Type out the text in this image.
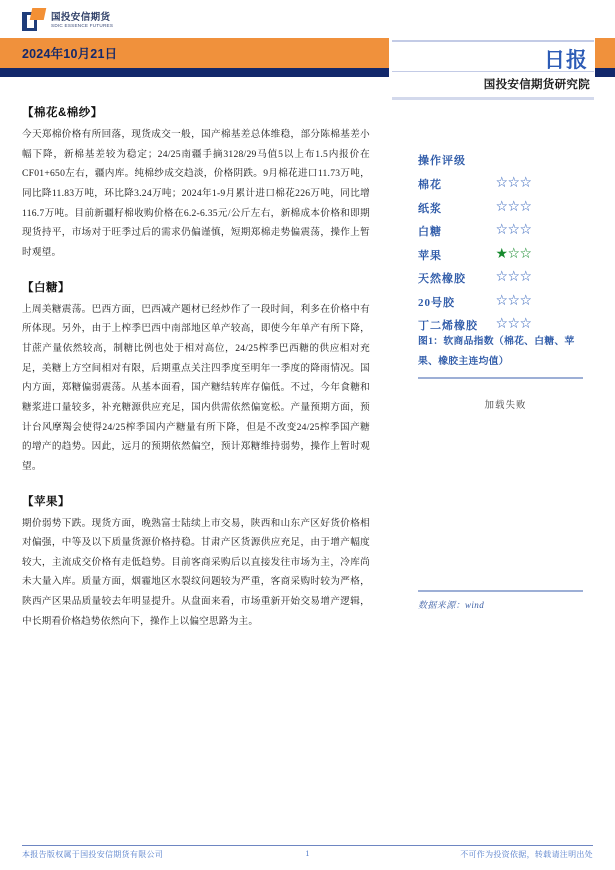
国投安信期货
SDIC ESSENCE FUTURES
2024年10月21日	日报
国投安信期货研究院
【棉花&棉纱】
今天郑棉价格有所回落，现货成交一般，国产棉基差总体维稳，部分陈棉基差小幅下降，新棉基差较为稳定；24/25南疆手摘3128/29马值5以上布1.5内报价在CF01+650左右，疆内库。纯棉纱成交趋淡，价格阴跌。9月棉花进口11.73万吨，同比降11.83万吨，环比降3.24万吨；2024年1-9月累计进口棉花226万吨，同比增116.7万吨。目前新疆籽棉收购价格在6.2-6.35元/公斤左右，新棉成本价格和即期现货持平，市场对于旺季过后的需求仍偏谨慎，短期郑棉走势偏震荡，操作上暂时观望。
【白糖】
上周美糖震荡。巴西方面，巴西减产题材已经炒作了一段时间，利多在价格中有所体现。另外，由于上榨季巴西中南部地区单产较高，即使今年单产有所下降，甘蔗产量依然较高，制糖比例也处于相对高位，24/25榨季巴西糖的供应相对充足，美糖上方空间相对有限，后期重点关注四季度至明年一季度的降雨情况。国内方面，郑糖偏弱震荡。从基本面看，国产糖结转库存偏低。不过，今年食糖和糖浆进口量较多，补充糖源供应充足，国内供需依然偏宽松。产量预期方面，预计台风摩羯会使得24/25榨季国内产糖量有所下降，但是不改变24/25榨季国产糖的增产的趋势。因此，远月的预期依然偏空，预计郑糖维持弱势，操作上暂时观望。
【苹果】
期价弱势下跌。现货方面，晚熟富士陆续上市交易，陕西和山东产区好货价格相对偏强，中等及以下质量货源价格持稳。甘肃产区货源供应充足，由于增产幅度较大，主流成交价格有走低趋势。目前客商采购后以直接发往市场为主，冷库尚未大量入库。质量方面，烟霾地区水裂纹问题较为严重，客商采购时较为严格，陕西产区果品质量较去年明显提升。从盘面来看，市场重新开始交易增产逻辑，中长期看价格趋势依然向下，操作上以偏空思路为主。
操作评级
棉花	☆☆☆
纸浆	☆☆☆
白糖	☆☆☆
苹果	★☆☆
天然橡胶	☆☆☆
20号胶	☆☆☆
丁二烯橡胶	☆☆☆
图1：软商品指数（棉花、白糖、苹果、橡胶主连均值）
加载失败
数据来源：wind
本报告版权属于国投安信期货有限公司	1	不可作为投资依据，转载请注明出处
